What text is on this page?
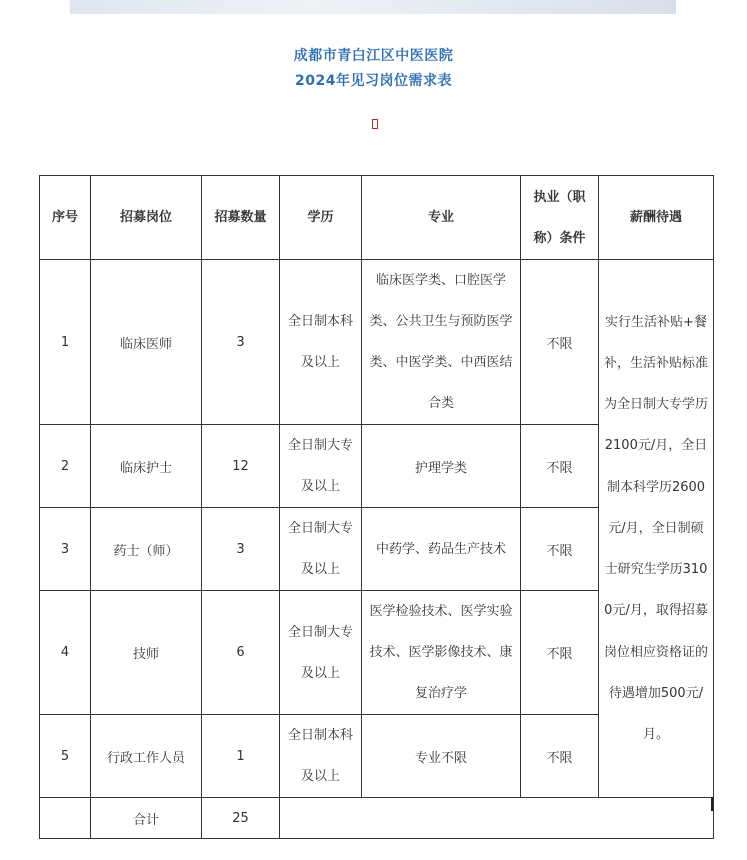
成都市青白江区中医医院
2024年见习岗位需求表
序号	招募岗位	招募数量	学历	专业	执业（职称）条件	薪酬待遇
1	临床医师	3	全日制本科及以上	临床医学类、口腔医学类、公共卫生与预防医学类、中医学类、中西医结合类	不限	实行生活补贴+餐补，生活补贴标准为全日制大专学历2100元/月，全日制本科学历2600元/月，全日制硕士研究生学历3100元/月，取得招募岗位相应资格证的待遇增加500元/月。

2	临床护士	12	全日制大专及以上	护理学类	不限	
3	药士（师）	3	全日制大专及以上	中药学、药品生产技术	不限	
4	技师	6	全日制大专及以上	医学检验技术、医学实验技术、医学影像技术、康复治疗学	不限	
5	行政工作人员	1	全日制本科及以上	专业不限	不限	
	合计	25				
